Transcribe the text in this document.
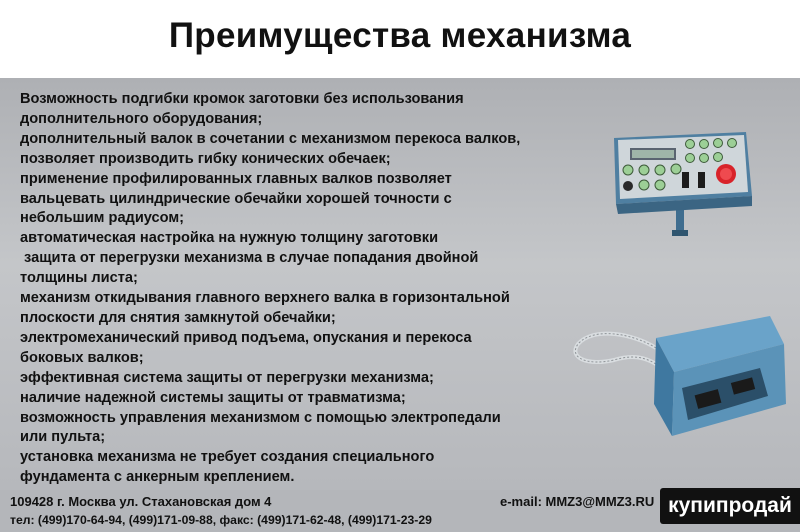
Преимущества механизма
Возможность подгибки кромок заготовки без использования
дополнительного оборудования;
дополнительный валок в сочетании с механизмом перекоса валков,
позволяет производить гибку конических обечаек;
применение профилированных главных валков позволяет
вальцевать цилиндрические обечайки хорошей точности с
небольшим радиусом;
автоматическая настройка на нужную толщину заготовки
защита от перегрузки механизма в случае попадания двойной
толщины листа;
механизм откидывания главного верхнего валка в горизонтальной
плоскости для снятия замкнутой обечайки;
электромеханический привод подъема, опускания и перекоса
боковых валков;
эффективная система защиты от перегрузки механизма;
наличие надежной системы защиты от травматизма;
возможность управления механизмом с помощью электропедали
или пульта;
установка механизма не требует создания специального
фундамента с анкерным креплением.
109428 г. Москва ул. Стахановская дом 4	e-mail: MMZ3@MMZ3.RU
тел: (499)170-64-94, (499)171-09-88, факс: (499)171-62-48, (499)171-23-29
купипродай
